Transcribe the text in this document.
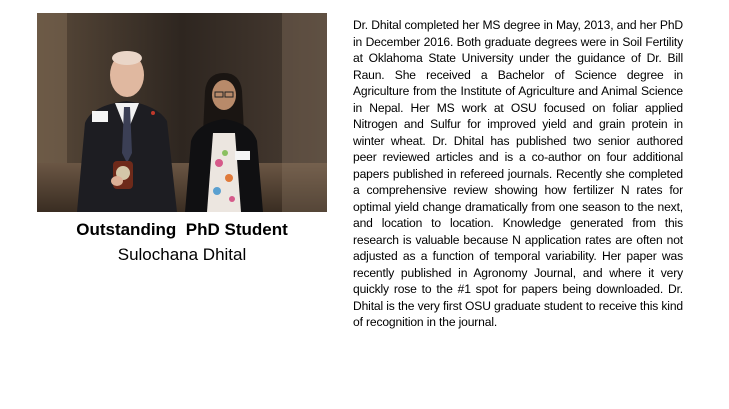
Outstanding  PhD Student
Sulochana Dhital
Dr. Dhital completed her MS degree in May, 2013, and her PhD in December 2016. Both graduate degrees were in Soil Fertility at Oklahoma State University under the guidance of Dr. Bill Raun. She received a Bachelor of Science degree in Agriculture from the Institute of Agriculture and Animal Science in Nepal. Her MS work at OSU focused on foliar applied Nitrogen and Sulfur for improved yield and grain protein in winter wheat. Dr. Dhital has published two senior authored peer reviewed articles and is a co-author on four additional papers published in refereed journals. Recently she completed a comprehensive review showing how fertilizer N rates for optimal yield change dramatically from one season to the next, and location to location. Knowledge generated from this research is valuable because N application rates are often not adjusted as a function of temporal variability. Her paper was recently published in Agronomy Journal, and where it very quickly rose to the #1 spot for papers being downloaded. Dr. Dhital is the very first OSU graduate student to receive this kind of recognition in the journal.
